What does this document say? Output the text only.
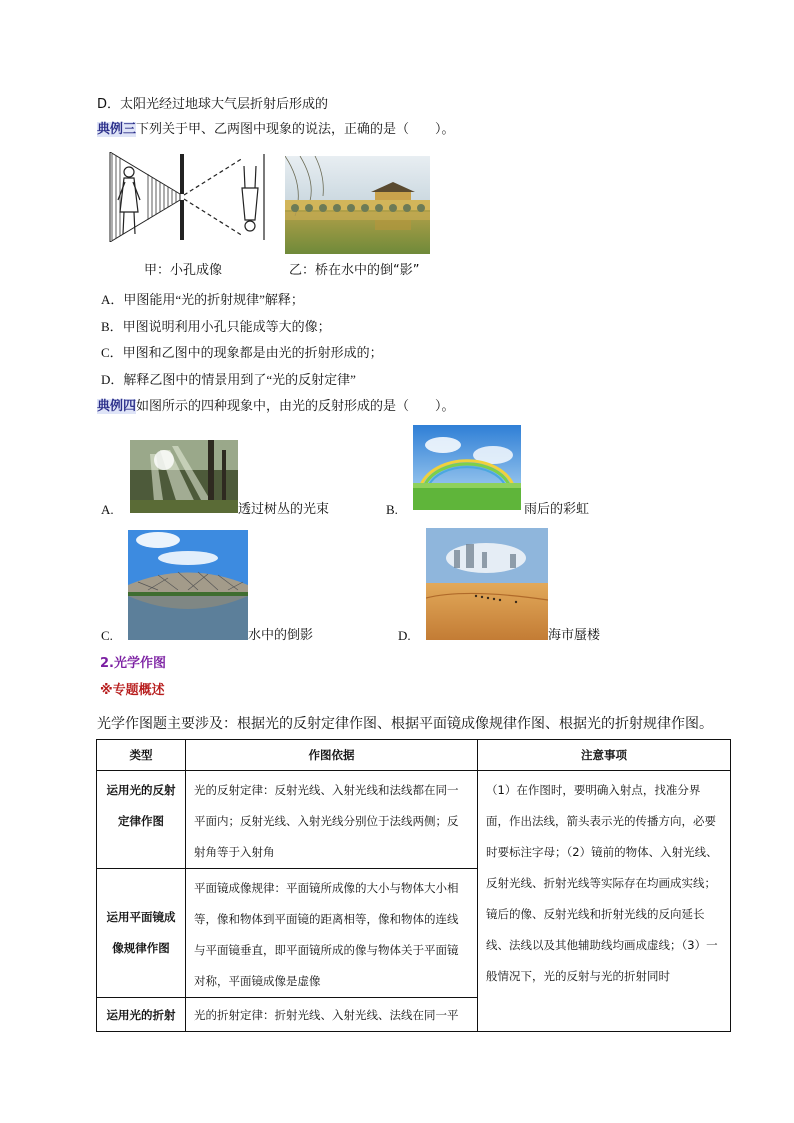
D．太阳光经过地球大气层折射后形成的
典例三下列关于甲、乙两图中现象的说法，正确的是（　　）。
甲：小孔成像	乙：桥在水中的倒“影”
A．甲图能用“光的折射规律”解释；
B．甲图说明利用小孔只能成等大的像；
C．甲图和乙图中的现象都是由光的折射形成的；
D．解释乙图中的情景用到了“光的反射定律”
典例四如图所示的四种现象中，由光的反射形成的是（　　）。
A.	透过树丛的光束	B.	雨后的彩虹
C.	水中的倒影	D.	海市蜃楼
2.光学作图
※专题概述
光学作图题主要涉及：根据光的反射定律作图、根据平面镜成像规律作图、根据光的折射规律作图。
类型	作图依据	注意事项
运用光的反射定律作图	光的反射定律：反射光线、入射光线和法线都在同一平面内；反射光线、入射光线分别位于法线两侧；反射角等于入射角	（1）在作图时，要明确入射点，找准分界面，作出法线，箭头表示光的传播方向，必要时要标注字母；（2）镜前的物体、入射光线、反射光线、折射光线等实际存在均画成实线；镜后的像、反射光线和折射光线的反向延长线、法线以及其他辅助线均画成虚线；（3）一般情况下，光的反射与光的折射同时
运用平面镜成像规律作图	平面镜成像规律：平面镜所成像的大小与物体大小相等，像和物体到平面镜的距离相等，像和物体的连线与平面镜垂直，即平面镜所成的像与物体关于平面镜对称，平面镜成像是虚像	
运用光的折射	光的折射定律：折射光线、入射光线、法线在同一平	
